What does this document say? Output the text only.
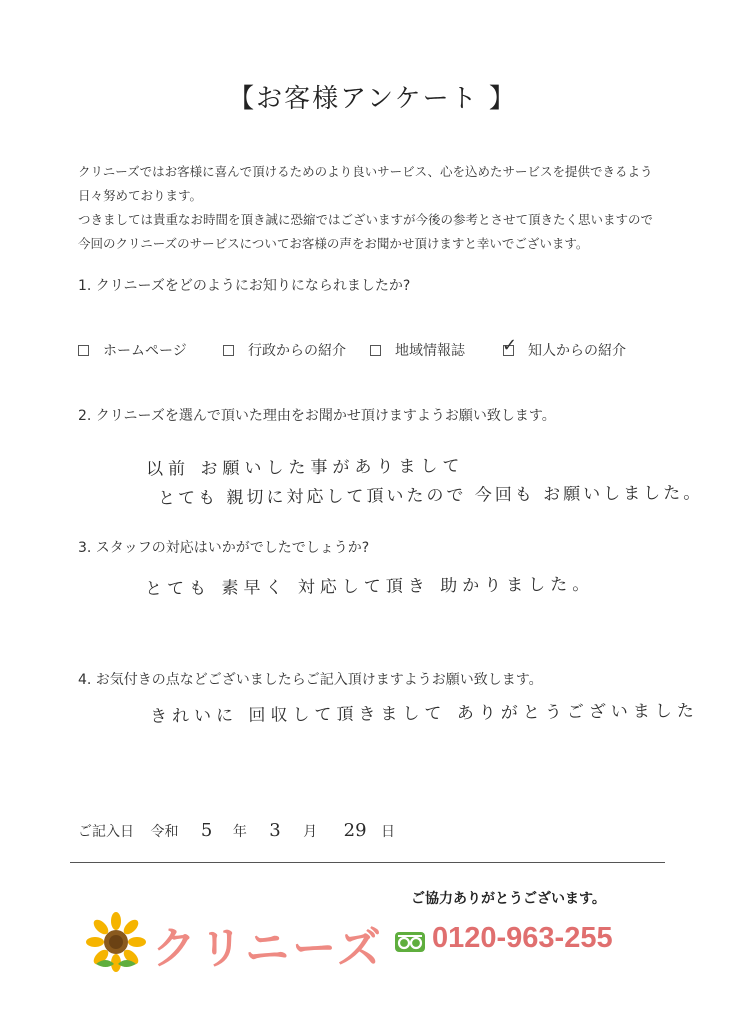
【お客様アンケート 】
クリニーズではお客様に喜んで頂けるためのより良いサービス、心を込めたサービスを提供できるよう
日々努めております。
つきましては貴重なお時間を頂き誠に恐縮ではございますが今後の参考とさせて頂きたく思いますので
今回のクリニーズのサービスについてお客様の声をお聞かせ頂けますと幸いでございます。
1. クリニーズをどのようにお知りになられましたか?
ホームページ	行政からの紹介	地域情報誌 ✓ 知人からの紹介
2. クリニーズを選んで頂いた理由をお聞かせ頂けますようお願い致します。
以前 お願いした事がありまして
とても 親切に対応して頂いたので 今回も お願いしました。
3. スタッフの対応はいかがでしたでしょうか?
とても 素早く 対応して頂き 助かりました。
4. お気付きの点などございましたらご記入頂けますようお願い致します。
きれいに 回収して頂きまして ありがとうございました
ご記入日 令和 5 年 3 月 29 日
ご協力ありがとうございます。
クリニーズ 0120-963-255
